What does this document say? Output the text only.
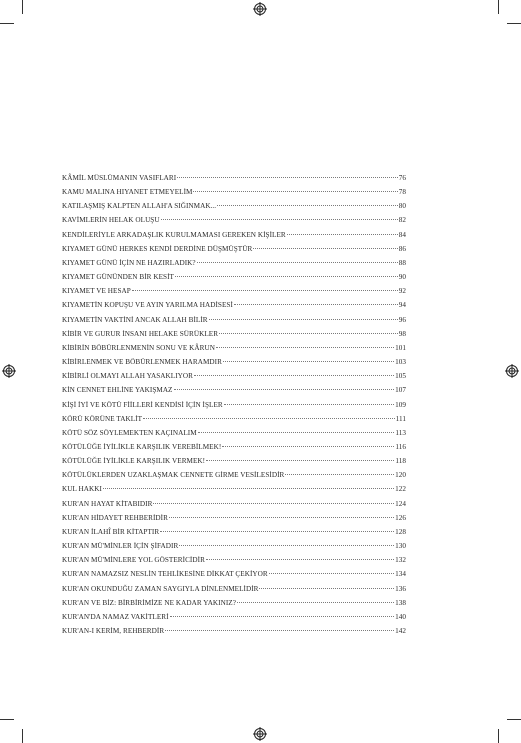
KÂMİL MÜSLÜMANIN VASIFLARI	76
KAMU MALINA HIYANET ETMEYELİM	78
KATILAŞMIŞ KALPTEN ALLAH'A SIĞINMAK...	80
KAVİMLERİN HELAK OLUŞU	82
KENDİLERİYLE ARKADAŞLIK KURULMAMASI GEREKEN KİŞİLER	84
KIYAMET GÜNÜ HERKES KENDİ DERDİNE DÜŞMÜŞTÜR	86
KIYAMET GÜNÜ İÇİN NE HAZIRLADIK?	88
KIYAMET GÜNÜNDEN BİR KESİT	90
KIYAMET VE HESAP	92
KIYAMETİN KOPUŞU VE AYIN YARILMA HADİSESİ	94
KIYAMETİN VAKTİNİ ANCAK ALLAH BİLİR	96
KİBİR VE GURUR İNSANI HELAKE SÜRÜKLER	98
KİBİRİN BÖBÜRLENMENİN SONU VE KÂRUN	101
KİBİRLENMEK VE BÖBÜRLENMEK HARAMDIR	103
KİBİRLİ OLMAYI ALLAH YASAKLIYOR	105
KİN CENNET EHLİNE YAKIŞMAZ	107
KİŞİ İYİ VE KÖTÜ FİİLLERİ KENDİSİ İÇİN İŞLER	109
KÖRÜ KÖRÜNE TAKLİT	111
KÖTÜ SÖZ SÖYLEMEKTEN KAÇINALIM	113
KÖTÜLÜĞE İYİLİKLE KARŞILIK VEREBİLMEK!	116
KÖTÜLÜĞE İYİLİKLE KARŞILIK VERMEK!	118
KÖTÜLÜKLERDEN UZAKLAŞMAK CENNETE GİRME VESİLESİDİR	120
KUL HAKKI	122
KUR'AN HAYAT KİTABIDIR	124
KUR'AN HİDAYET REHBERİDİR	126
KUR'AN İLAHÎ BİR KİTAPTIR	128
KUR'AN MÜ'MİNLER İÇİN ŞİFADIR	130
KUR'AN MÜ'MİNLERE YOL GÖSTERİCİDİR	132
KUR'AN NAMAZSIZ NESLİN TEHLİKESİNE DİKKAT ÇEKİYOR	134
KUR'AN OKUNDUĞU ZAMAN SAYGIYLA DİNLENMELİDİR	136
KUR'AN VE BİZ: BİRBİRİMİZE NE KADAR YAKINIZ?	138
KUR'AN'DA NAMAZ VAKİTLERİ	140
KUR'AN-I KERİM, REHBERDİR	142
